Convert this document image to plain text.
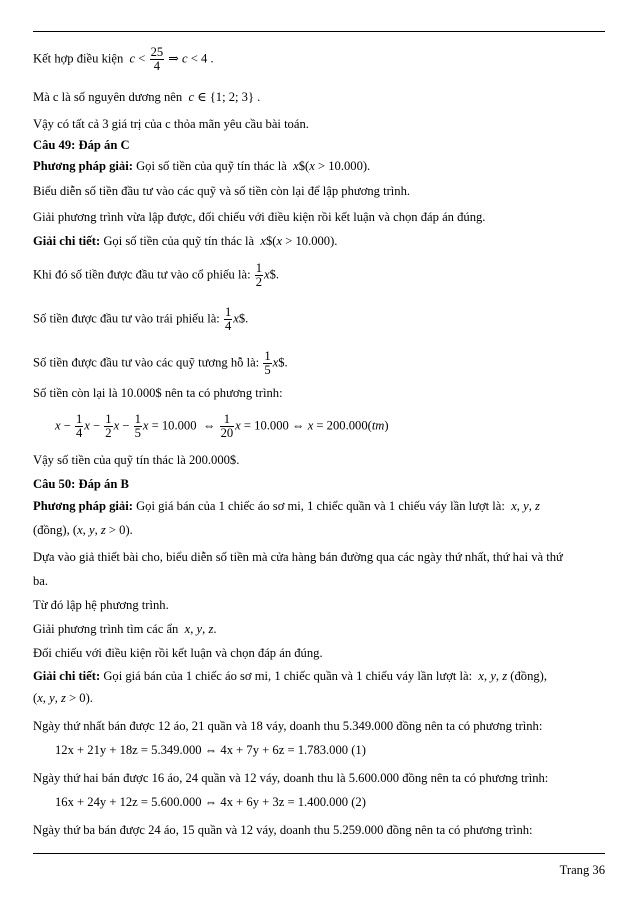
Kết hợp điều kiện  $c < \frac{25}{4}$ ⇒ c < 4 .
Mà c là số nguyên dương nên  c ∈ {1; 2; 3} .
Vậy có tất cả 3 giá trị của c thỏa mãn yêu cầu bài toán.
Câu 49: Đáp án C
Phương pháp giải: Gọi số tiền của quỹ tín thác là  x$(x > 10.000).
Biểu diễn số tiền đầu tư vào các quỹ và số tiền còn lại để lập phương trình.
Giải phương trình vừa lập được, đối chiếu với điều kiện rồi kết luận và chọn đáp án đúng.
Giải chi tiết: Gọi số tiền của quỹ tín thác là  x$(x > 10.000).
Khi đó số tiền được đầu tư vào cổ phiếu là: $\frac{1}{2}$ x$.
Số tiền được đầu tư vào trái phiếu là: $\frac{1}{4}$ x$.
Số tiền được đầu tư vào các quỹ tương hỗ là: $\frac{1}{5}$ x$.
Số tiền còn lại là 10.000$ nên ta có phương trình:
$x - \frac{1}{4}$ $x - \frac{1}{2}$ $x - \frac{1}{5}$ x = 10.000  ⇔ $\frac{1}{20}$ x = 10.000 ⇔ x = 200.000(tm)
Vậy số tiền của quỹ tín thác là 200.000$.
Câu 50: Đáp án B
Phương pháp giải: Gọi giá bán của 1 chiếc áo sơ mi, 1 chiếc quần và 1 chiếu váy lần lượt là:  x, y, z
(đồng), (x, y, z > 0).
Dựa vào giả thiết bài cho, biểu diễn số tiền mà cửa hàng bán đường qua các ngày thứ nhất, thứ hai và thứ
ba.
Từ đó lập hệ phương trình.
Giải phương trình tìm các ẩn  x, y, z.
Đối chiếu với điều kiện rồi kết luận và chọn đáp án đúng.
Giải chi tiết: Gọi giá bán của 1 chiếc áo sơ mi, 1 chiếc quần và 1 chiếu váy lần lượt là:  x, y, z (đồng),
(x, y, z > 0).
Ngày thứ nhất bán được 12 áo, 21 quần và 18 váy, doanh thu 5.349.000 đồng nên ta có phương trình:
12x + 21y + 18z = 5.349.000 ⇔ 4x + 7y + 6z = 1.783.000 (1)
Ngày thứ hai bán được 16 áo, 24 quần và 12 váy, doanh thu là 5.600.000 đồng nên ta có phương trình:
16x + 24y + 12z = 5.600.000 ⇔ 4x + 6y + 3z = 1.400.000 (2)
Ngày thứ ba bán được 24 áo, 15 quần và 12 váy, doanh thu 5.259.000 đồng nên ta có phương trình:
Trang 36
